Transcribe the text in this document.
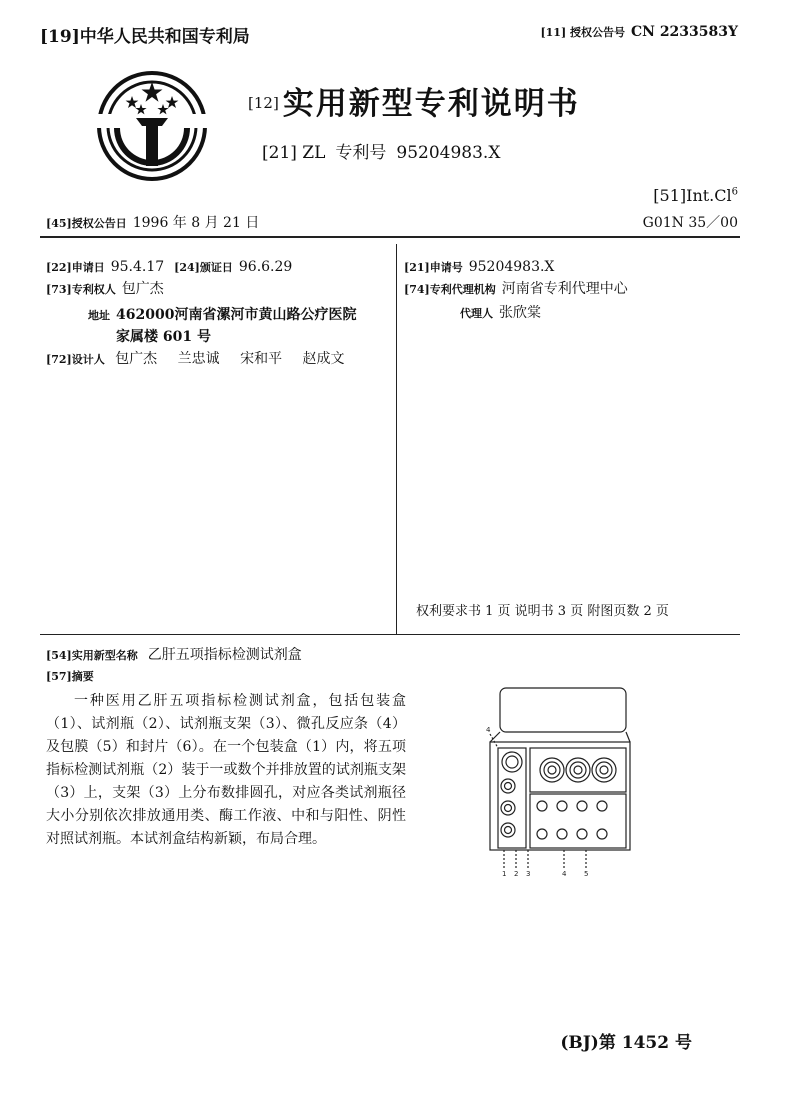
[19]中华人民共和国专利局	[11] 授权公告号 CN 2233583Y
[12] 实用新型专利说明书
[21] ZL 专利号 95204983.X
[51]Int.Cl$^6$
[45]授权公告日 1996 年 8 月 21 日	G01N 35／00
[22]申请日 95.4.17 [24]颁证日 96.6.29
[73]专利权人 包广杰
地址 462000河南省漯河市黄山路公疗医院
家属楼 601 号
[72]设计人 包广杰 兰忠诚 宋和平 赵成文
[21]申请号 95204983.X
[74]专利代理机构 河南省专利代理中心
代理人 张欣棠
权利要求书 1 页 说明书 3 页 附图页数 2 页
[54]实用新型名称 乙肝五项指标检测试剂盒
[57]摘要
一种医用乙肝五项指标检测试剂盒，包括包装盒（1）、试剂瓶（2）、试剂瓶支架（3）、微孔反应条（4）及包膜（5）和封片（6）。在一个包装盒（1）内，将五项指标检测试剂瓶（2）装于一或数个并排放置的试剂瓶支架（3）上，支架（3）上分布数排圆孔，对应各类试剂瓶径大小分别依次排放通用类、酶工作液、中和与阳性、阴性对照试剂瓶。本试剂盒结构新颖，布局合理。
4
1 2 3	4	5
(BJ)第 1452 号
